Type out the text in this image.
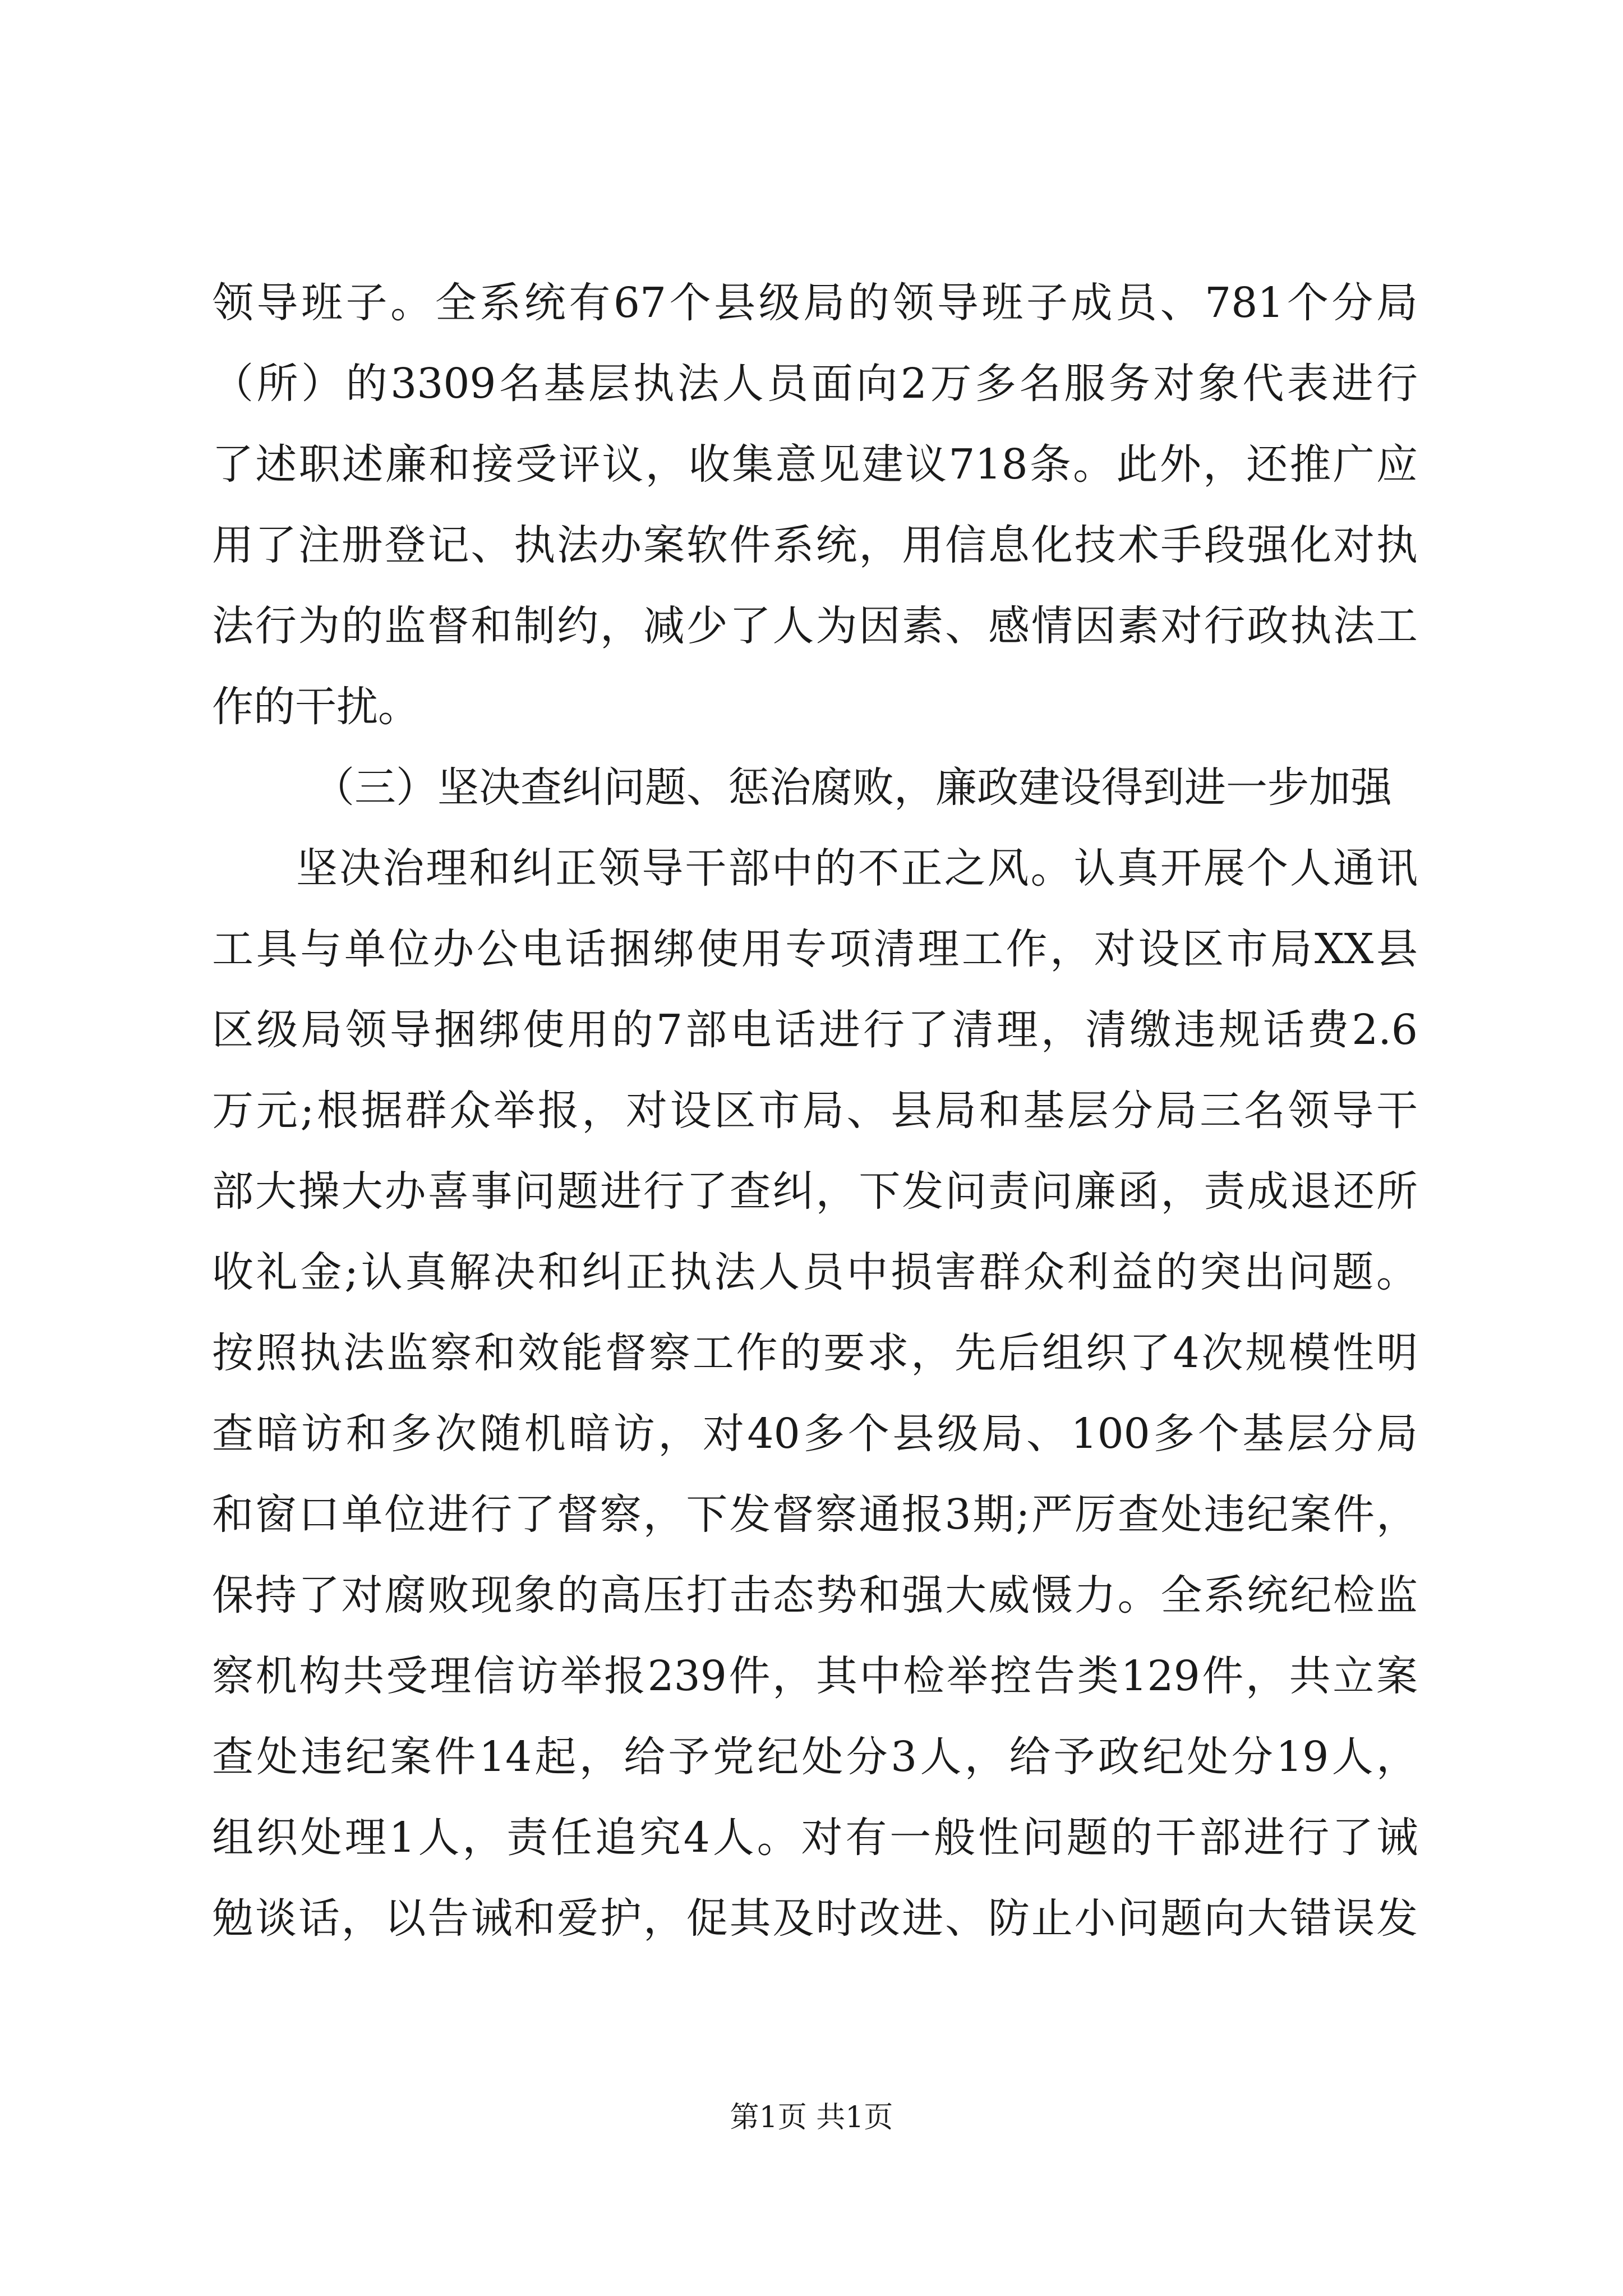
领导班子。全系统有67个县级局的领导班子成员、781个分局
（所）的3309名基层执法人员面向2万多名服务对象代表进行
了述职述廉和接受评议，收集意见建议718条。此外，还推广应
用了注册登记、执法办案软件系统，用信息化技术手段强化对执
法行为的监督和制约，减少了人为因素、感情因素对行政执法工
作的干扰。
（三）坚决查纠问题、惩治腐败，廉政建设得到进一步加强
坚决治理和纠正领导干部中的不正之风。认真开展个人通讯
工具与单位办公电话捆绑使用专项清理工作，对设区市局XX县
区级局领导捆绑使用的7部电话进行了清理，清缴违规话费2.6
万元;根据群众举报，对设区市局、县局和基层分局三名领导干
部大操大办喜事问题进行了查纠，下发问责问廉函，责成退还所
收礼金;认真解决和纠正执法人员中损害群众利益的突出问题。
按照执法监察和效能督察工作的要求，先后组织了4次规模性明
查暗访和多次随机暗访，对40多个县级局、100多个基层分局
和窗口单位进行了督察，下发督察通报3期;严厉查处违纪案件，
保持了对腐败现象的高压打击态势和强大威慑力。全系统纪检监
察机构共受理信访举报239件，其中检举控告类129件，共立案
查处违纪案件14起，给予党纪处分3人，给予政纪处分19人，
组织处理1人，责任追究4人。对有一般性问题的干部进行了诫
勉谈话，以告诫和爱护，促其及时改进、防止小问题向大错误发
第1页 共1页
